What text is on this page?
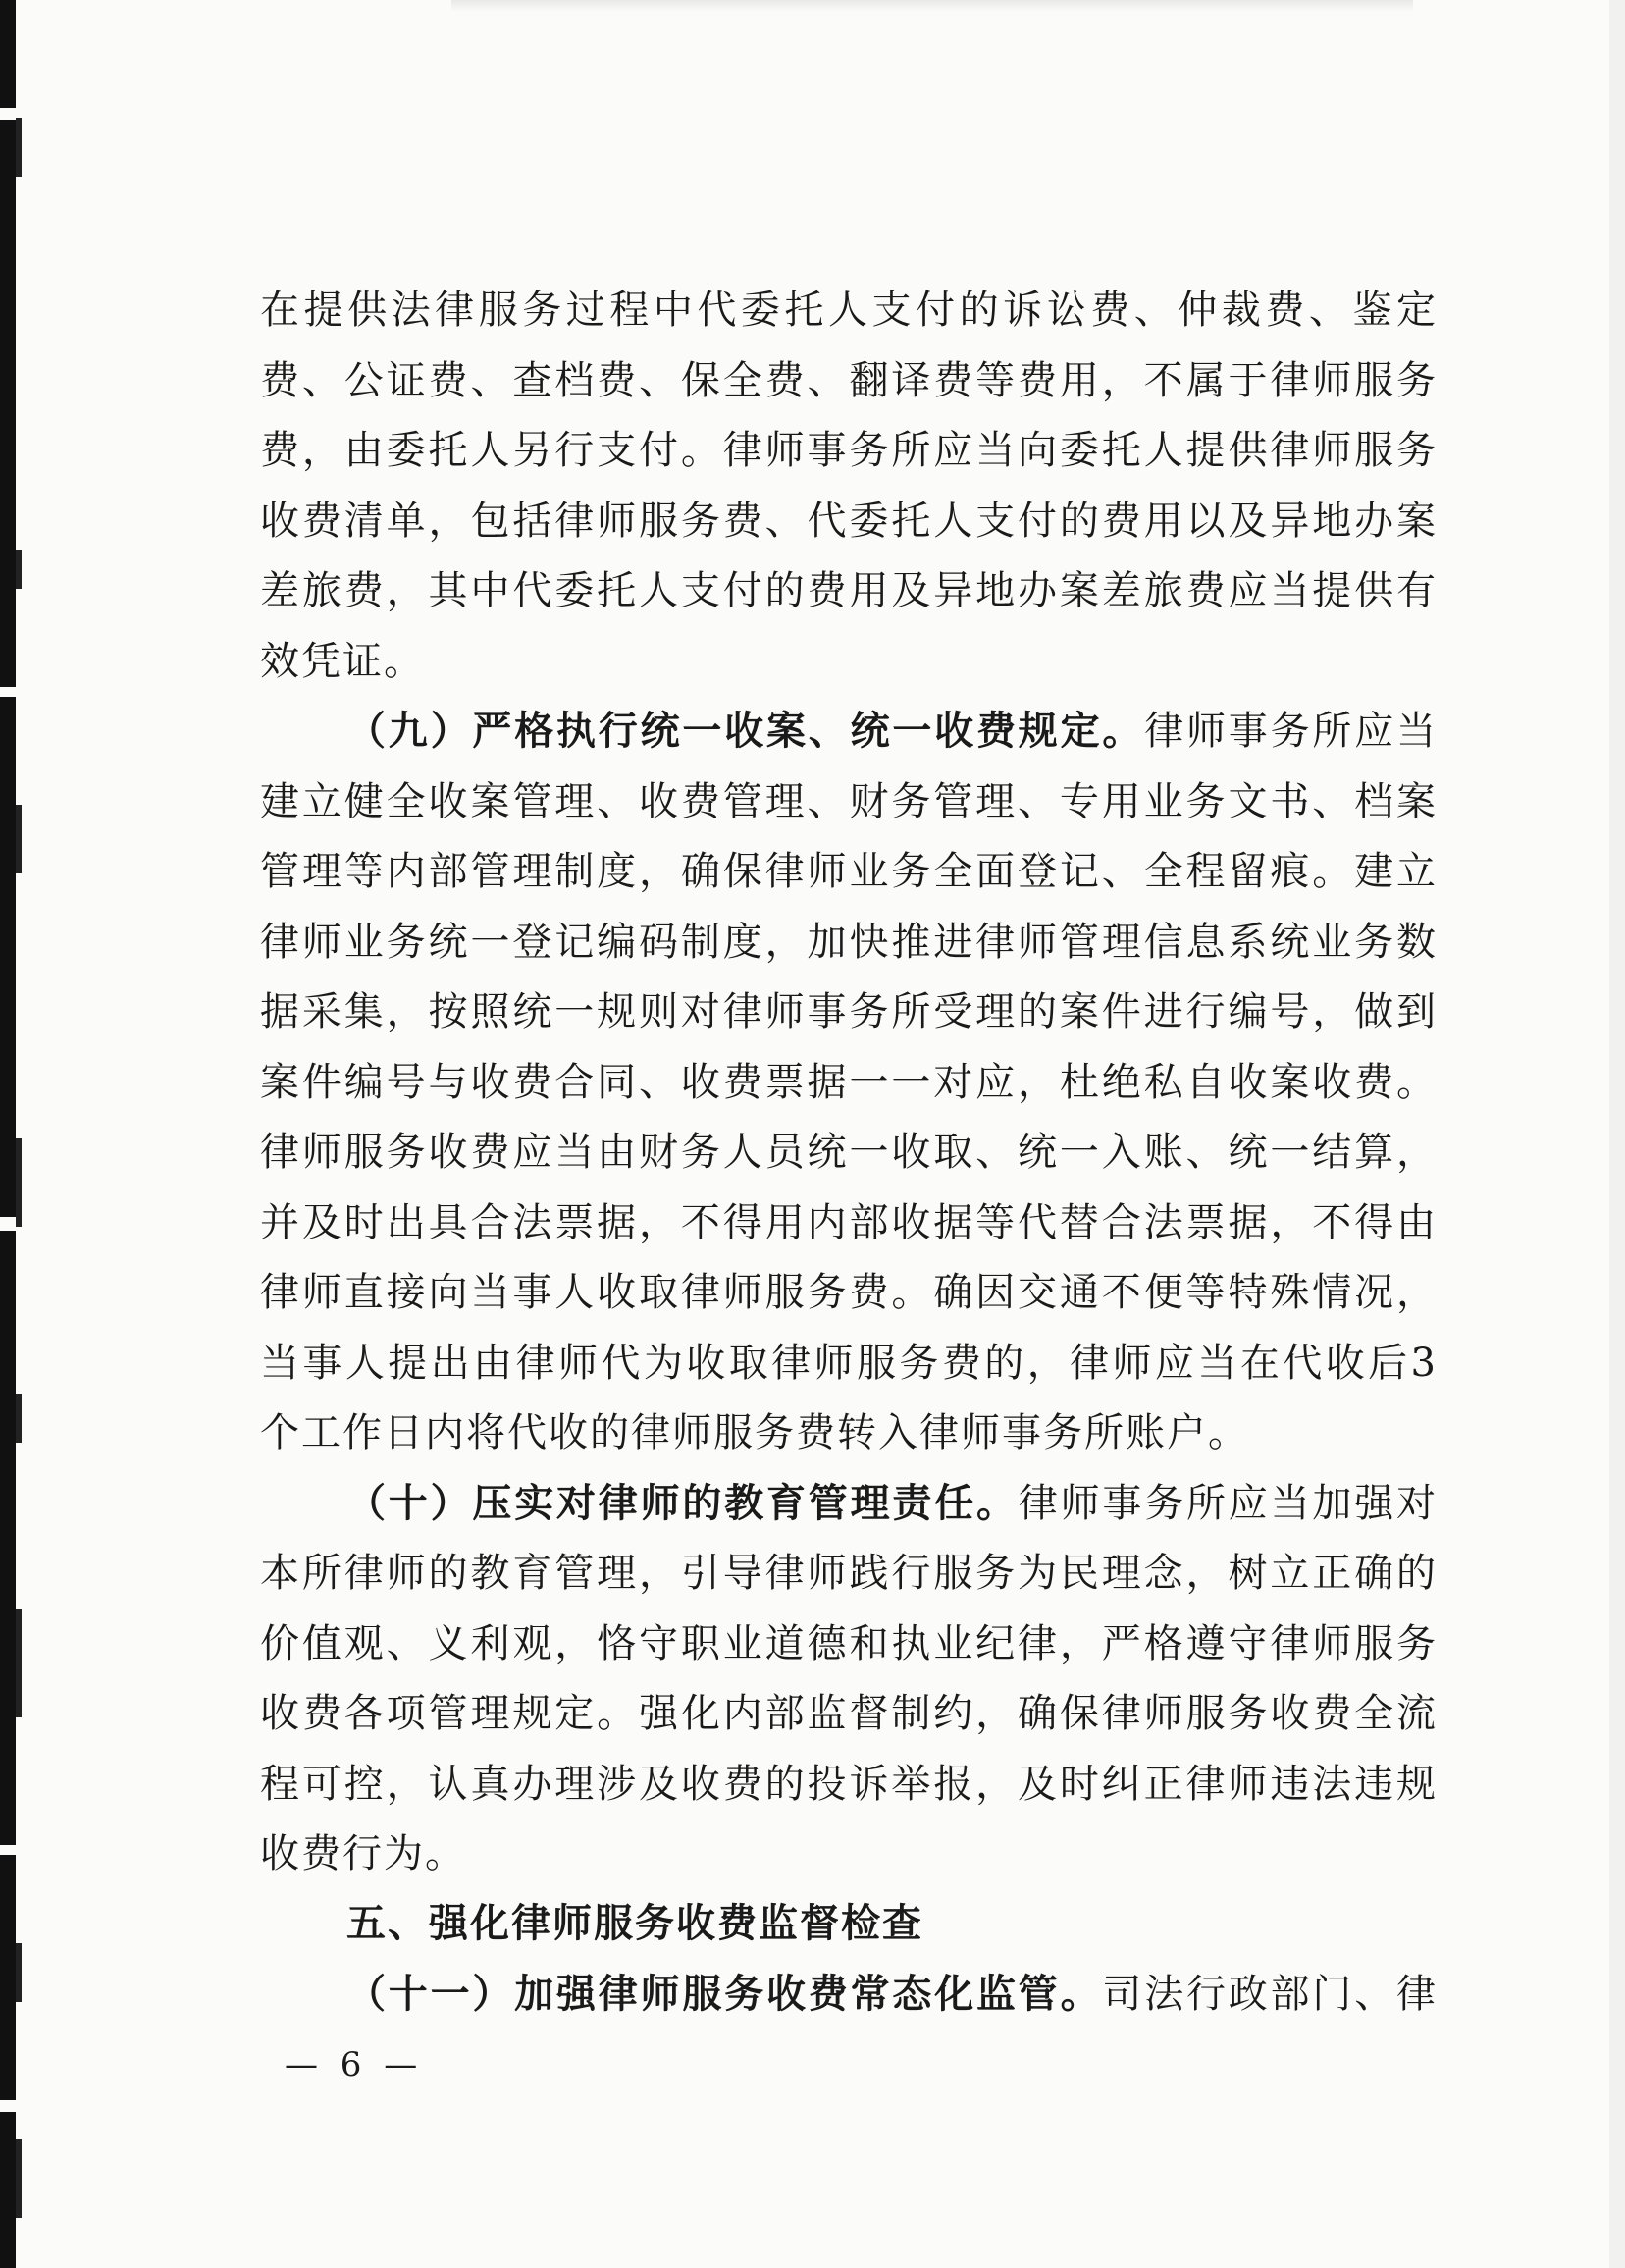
在提供法律服务过程中代委托人支付的诉讼费、仲裁费、鉴定
费、公证费、查档费、保全费、翻译费等费用，不属于律师服务
费，由委托人另行支付。律师事务所应当向委托人提供律师服务
收费清单，包括律师服务费、代委托人支付的费用以及异地办案
差旅费，其中代委托人支付的费用及异地办案差旅费应当提供有
效凭证。
（九）严格执行统一收案、统一收费规定。律师事务所应当
建立健全收案管理、收费管理、财务管理、专用业务文书、档案
管理等内部管理制度，确保律师业务全面登记、全程留痕。建立
律师业务统一登记编码制度，加快推进律师管理信息系统业务数
据采集，按照统一规则对律师事务所受理的案件进行编号，做到
案件编号与收费合同、收费票据一一对应，杜绝私自收案收费。
律师服务收费应当由财务人员统一收取、统一入账、统一结算，
并及时出具合法票据，不得用内部收据等代替合法票据，不得由
律师直接向当事人收取律师服务费。确因交通不便等特殊情况，
当事人提出由律师代为收取律师服务费的，律师应当在代收后3
个工作日内将代收的律师服务费转入律师事务所账户。
（十）压实对律师的教育管理责任。律师事务所应当加强对
本所律师的教育管理，引导律师践行服务为民理念，树立正确的
价值观、义利观，恪守职业道德和执业纪律，严格遵守律师服务
收费各项管理规定。强化内部监督制约，确保律师服务收费全流
程可控，认真办理涉及收费的投诉举报，及时纠正律师违法违规
收费行为。
五、强化律师服务收费监督检查
（十一）加强律师服务收费常态化监管。司法行政部门、律
— 6 —
